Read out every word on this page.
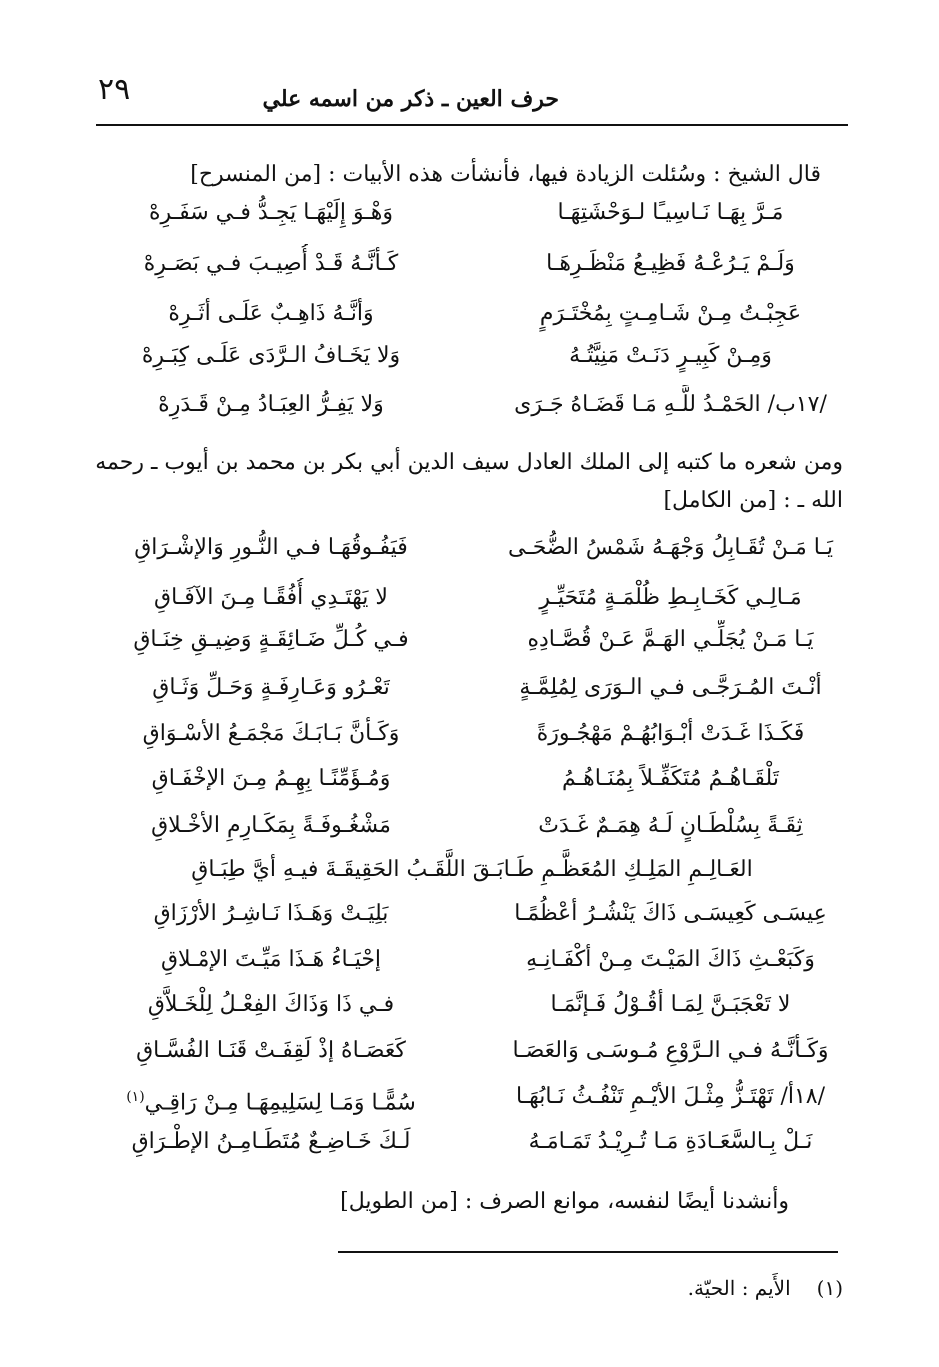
٢٩	حرف العين ـ ذكر من اسمه علي
قال الشيخ : وسُئلت الزيادة فيها، فأنشأت هذه الأبيات : [من المنسرح]
مَـرَّ بِهَـا نَـاسِيـًا لـوَحْشَتِهَـا
وَهْـوَ إِلَيْهَـا يَجِـدُّ فـي سَفَـرِهْ
وَلَـمْ يَـرُعْـهُ فَظِيـعُ مَنْظَـرِهَـا
كَـأنَّـهُ قَـدْ أُصِيـبَ فـي بَصَـرِهْ
عَجِبْـتُ مِـنْ شَـامِـتٍ بِمُخْتَـرَمٍ
وَأنَّـهُ ذَاهِـبٌ عَلَـى أثَـرِهْ
وَمِـنْ كَبِيـرٍ دَنَـتْ مَنِيَّتُـهُ
وَلا يَخَـافُ الـرَّدَى عَلَـى كِبَـرِهْ
/١٧ب/ الحَمْـدُ للَّـهِ مَـا قَضَـاهُ جَـرَى
وَلا يَفِـرُّ العِبَـادُ مِـنْ قَـدَرِهْ
ومن شعره ما كتبه إلى الملك العادل سيف الدين أبي بكر بن محمد بن أيوب ـ رحمه
الله ـ : [من الكامل]
يَـا مَـنْ تُقَـابِلُ وَجْهَـهُ شَمْسُ الضُّحَـى
فَيَفُـوقُهَـا فـي النُّـورِ وَالإشْـرَاقِ
مَـالِـي كَخَـابِـطِ ظُلْمَـةٍ مُتَحَيِّـرٍ
لا يَهْتَـدِي أُفُقًـا مِـنَ الآفَـاقِ
يَـا مَـنْ يُجَلِّـي الهَـمَّ عَـنْ قُصَّـادِهِ
فـي كُـلِّ ضَـائِقَـةٍ وَضِيـقِ خِنَـاقِ
أنْـتَ المُـرَجَّـى فـي الـوَرَى لِمُلِمَّـةٍ
تَعْـرُو وَعَـارِفَـةٍ وَحَـلِّ وَثَـاقِ
فَكَـذَا غَـدَتْ أبْـوَابُهُـمْ مَهْجُـورَةً
وَكَـأنَّ بَـابَـكَ مَجْمَـعُ الأسْـوَاقِ
تَلْقَـاهُـمُ مُتَكَفِّـلاً بِمُنَـاهُـمُ
وَمُـؤَمِّنًـا بِهِـمُ مِـنَ الإخْفَـاقِ
ثِقَـةً بِسُلْطَـانٍ لَـهُ هِمَـمٌ غَـدَتْ
مَشْغُـوفَـةً بِمَكَـارِمِ الأخْـلاقِ
العَـالِـمِ المَلِـكِ المُعَظَّـمِ طَـابَـقَ اللَّقَـبُ الحَقِيقَـةَ فيـهِ أيَّ طِبَـاقِ
عِيسَـى كَعِيسَـى ذَاكَ يَنْشُـرُ أعْظُمًـا
بَلِيَـتْ وَهَـذَا نَـاشِـرُ الأرْزَاقِ
وَكَبَعْـثِ ذَاكَ المَيْـتَ مِـنْ أكْفَـانِـهِ
إحْيَـاءُ هَـذَا مَيِّـتَ الإمْـلاقِ
لا تَعْجَبَـنَّ لِمَـا أقُـوْلُ فَـإنَّمَـا
فـي ذَا وَذَاكَ الفِعْـلُ لِلْخَـلاَّقِ
وَكَـأنَّـهُ فـي الـرَّوْعِ مُـوسَـى وَالعَصَـا
كَعَصَـاهُ إذْ لَقِفَـتْ قَنَـا الفُسَّـاقِ
/١٨أ/ تَهْتَـزُّ مِثْـلَ الأيْـمِ تَنْفُـثُ نَـابُهَـا
سُمًّـا وَمَـا لِسَلِيمِهَـا مِـنْ رَاقِـي$^{(١)}$
نَـلْ بِـالسَّعَـادَةِ مَـا تُـرِيْـدُ تَمَـامَـهُ
لَـكَ خَـاضِـعٌ مُتَطَـامِـنُ الإطْـرَاقِ
وأنشدنا أيضًا لنفسه، موانع الصرف : [من الطويل]
(١)الأَيم : الحيّة.
